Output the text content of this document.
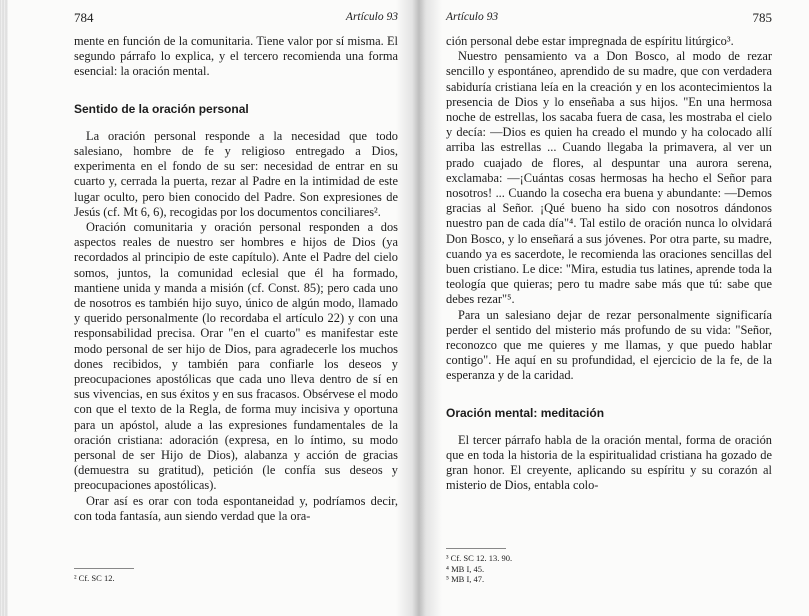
784	Artículo 93

mente en función de la comunitaria. Tiene valor por sí misma. El segundo párrafo lo explica, y el tercero recomienda una forma esencial: la oración mental.

Sentido de la oración personal

La oración personal responde a la necesidad que todo salesiano, hombre de fe y religioso entregado a Dios, experimenta en el fondo de su ser: necesidad de entrar en su cuarto y, cerrada la puerta, rezar al Padre en la intimidad de este lugar oculto, pero bien conocido del Padre. Son expresiones de Jesús (cf. Mt 6, 6), recogidas por los documentos conciliares².

Oración comunitaria y oración personal responden a dos aspectos reales de nuestro ser hombres e hijos de Dios (ya recordados al principio de este capítulo). Ante el Padre del cielo somos, juntos, la comunidad eclesial que él ha formado, mantiene unida y manda a misión (cf. Const. 85); pero cada uno de nosotros es también hijo suyo, único de algún modo, llamado y querido personalmente (lo recordaba el artículo 22) y con una responsabilidad precisa. Orar "en el cuarto" es manifestar este modo personal de ser hijo de Dios, para agradecerle los muchos dones recibidos, y también para confiarle los deseos y preocupaciones apostólicas que cada uno lleva dentro de sí en sus vivencias, en sus éxitos y en sus fracasos. Obsérvese el modo con que el texto de la Regla, de forma muy incisiva y oportuna para un apóstol, alude a las expresiones fundamentales de la oración cristiana: adoración (expresa, en lo íntimo, su modo personal de ser Hijo de Dios), alabanza y acción de gracias (demuestra su gratitud), petición (le confía sus deseos y preocupaciones apostólicas).

Orar así es orar con toda espontaneidad y, podríamos decir, con toda fantasía, aun siendo verdad que la ora-

² Cf. SC 12.
Artículo 93	785

ción personal debe estar impregnada de espíritu litúrgico³.

Nuestro pensamiento va a Don Bosco, al modo de rezar sencillo y espontáneo, aprendido de su madre, que con verdadera sabiduría cristiana leía en la creación y en los acontecimientos la presencia de Dios y lo enseñaba a sus hijos. "En una hermosa noche de estrellas, los sacaba fuera de casa, les mostraba el cielo y decía: —Dios es quien ha creado el mundo y ha colocado allí arriba las estrellas ... Cuando llegaba la primavera, al ver un prado cuajado de flores, al despuntar una aurora serena, exclamaba: —¡Cuántas cosas hermosas ha hecho el Señor para nosotros! ... Cuando la cosecha era buena y abundante: —Demos gracias al Señor. ¡Qué bueno ha sido con nosotros dándonos nuestro pan de cada día"⁴. Tal estilo de oración nunca lo olvidará Don Bosco, y lo enseñará a sus jóvenes. Por otra parte, su madre, cuando ya es sacerdote, le recomienda las oraciones sencillas del buen cristiano. Le dice: "Mira, estudia tus latines, aprende toda la teología que quieras; pero tu madre sabe más que tú: sabe que debes rezar"⁵.

Para un salesiano dejar de rezar personalmente significaría perder el sentido del misterio más profundo de su vida: "Señor, reconozco que me quieres y me llamas, y que puedo hablar contigo". He aquí en su profundidad, el ejercicio de la fe, de la esperanza y de la caridad.

Oración mental: meditación

El tercer párrafo habla de la oración mental, forma de oración que en toda la historia de la espiritualidad cristiana ha gozado de gran honor. El creyente, aplicando su espíritu y su corazón al misterio de Dios, entabla colo-

³ Cf. SC 12. 13. 90.
⁴ MB I, 45.
⁵ MB I, 47.
